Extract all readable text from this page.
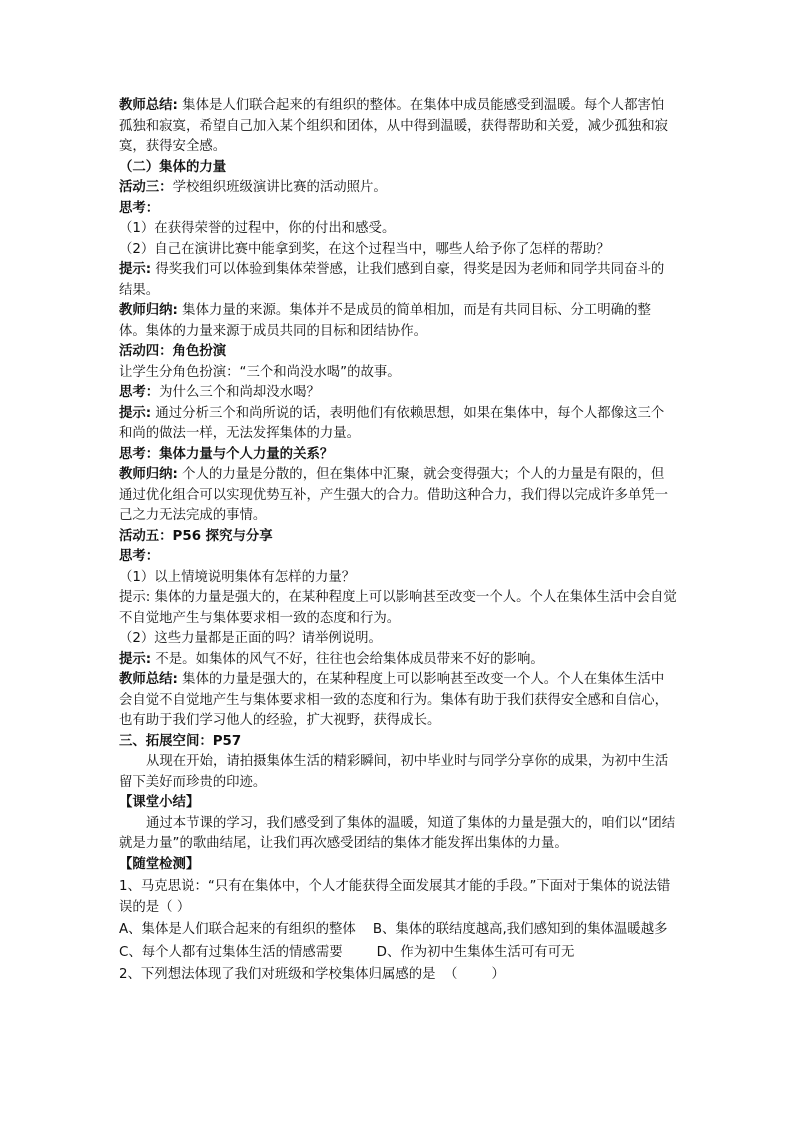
教师总结: 集体是人们联合起来的有组织的整体。在集体中成员能感受到温暖。每个人都害怕孤独和寂寞，希望自己加入某个组织和团体，从中得到温暖，获得帮助和关爱，减少孤独和寂寞，获得安全感。

（二）集体的力量

活动三：学校组织班级演讲比赛的活动照片。

思考：

（1）在获得荣誉的过程中，你的付出和感受。

（2）自己在演讲比赛中能拿到奖，在这个过程当中，哪些人给予你了怎样的帮助？

提示: 得奖我们可以体验到集体荣誉感，让我们感到自豪，得奖是因为老师和同学共同奋斗的结果。

教师归纳: 集体力量的来源。集体并不是成员的简单相加，而是有共同目标、分工明确的整体。集体的力量来源于成员共同的目标和团结协作。

活动四：角色扮演

让学生分角色扮演：“三个和尚没水喝”的故事。

思考：为什么三个和尚却没水喝？

提示: 通过分析三个和尚所说的话，表明他们有依赖思想，如果在集体中，每个人都像这三个和尚的做法一样，无法发挥集体的力量。

思考：集体力量与个人力量的关系？

教师归纳: 个人的力量是分散的，但在集体中汇聚，就会变得强大；个人的力量是有限的，但通过优化组合可以实现优势互补，产生强大的合力。借助这种合力，我们得以完成许多单凭一己之力无法完成的事情。

活动五：P56 探究与分享

思考：

（1）以上情境说明集体有怎样的力量？

提示: 集体的力量是强大的，在某种程度上可以影响甚至改变一个人。个人在集体生活中会自觉不自觉地产生与集体要求相一致的态度和行为。

（2）这些力量都是正面的吗？请举例说明。

提示: 不是。如集体的风气不好，往往也会给集体成员带来不好的影响。

教师总结: 集体的力量是强大的，在某种程度上可以影响甚至改变一个人。个人在集体生活中会自觉不自觉地产生与集体要求相一致的态度和行为。集体有助于我们获得安全感和自信心，也有助于我们学习他人的经验，扩大视野，获得成长。

三、拓展空间：P57

从现在开始，请拍摄集体生活的精彩瞬间，初中毕业时与同学分享你的成果，为初中生活留下美好而珍贵的印迹。

【课堂小结】

通过本节课的学习，我们感受到了集体的温暖，知道了集体的力量是强大的，咱们以“团结就是力量”的歌曲结尾，让我们再次感受团结的集体才能发挥出集体的力量。

【随堂检测】

1、马克思说：“只有在集体中，个人才能获得全面发展其才能的手段。”下面对于集体的说法错误的是（ ）

A、集体是人们联合起来的有组织的整体    B、集体的联结度越高,我们感知到的集体温暖越多

C、每个人都有过集体生活的情感需要        D、作为初中生集体生活可有可无

2、下列想法体现了我们对班级和学校集体归属感的是  （        ）
